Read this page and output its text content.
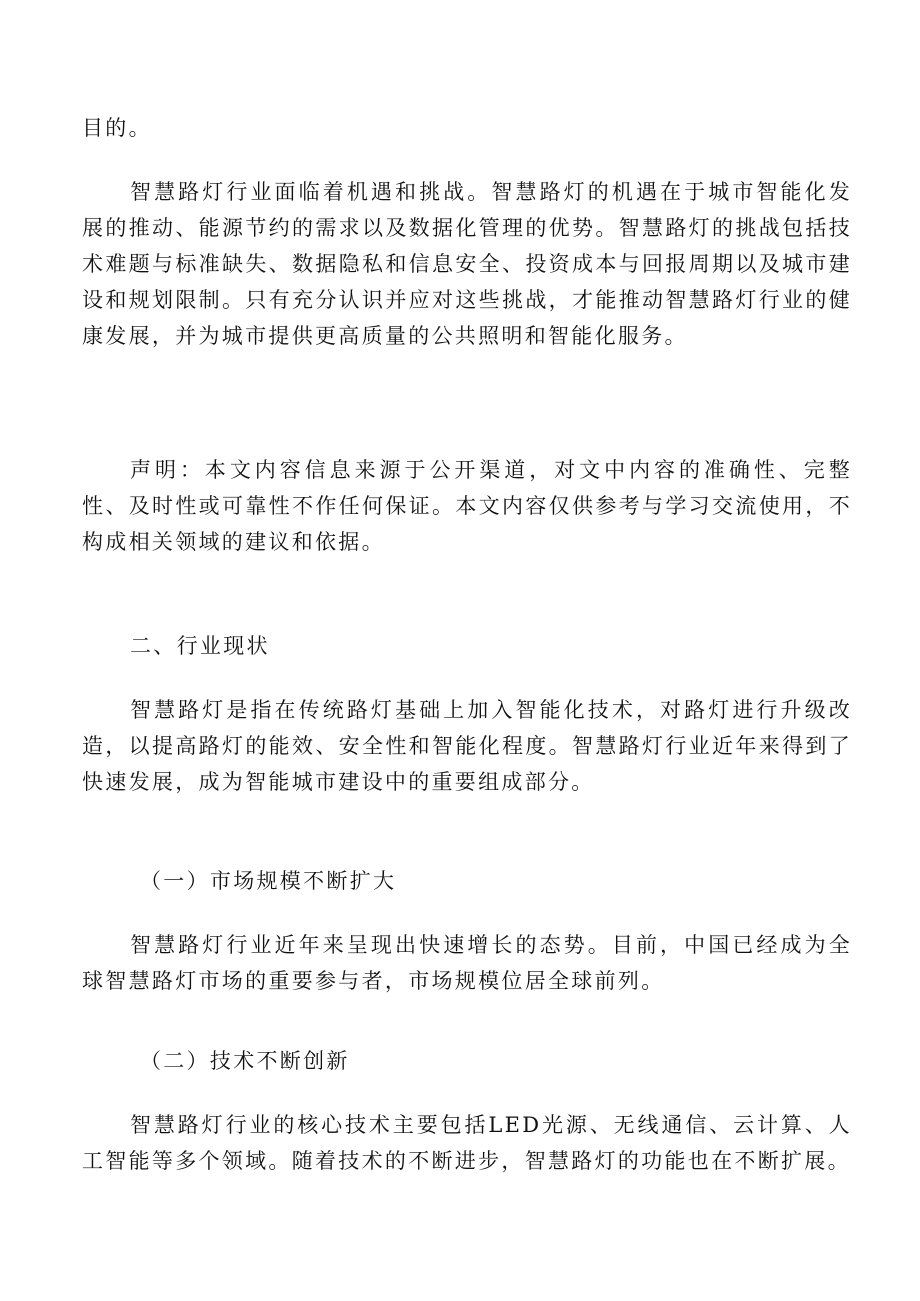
目的。

智慧路灯行业面临着机遇和挑战。智慧路灯的机遇在于城市智能化发展的推动、能源节约的需求以及数据化管理的优势。智慧路灯的挑战包括技术难题与标准缺失、数据隐私和信息安全、投资成本与回报周期以及城市建设和规划限制。只有充分认识并应对这些挑战，才能推动智慧路灯行业的健康发展，并为城市提供更高质量的公共照明和智能化服务。

声明：本文内容信息来源于公开渠道，对文中内容的准确性、完整性、及时性或可靠性不作任何保证。本文内容仅供参考与学习交流使用，不构成相关领域的建议和依据。

二、行业现状

智慧路灯是指在传统路灯基础上加入智能化技术，对路灯进行升级改造，以提高路灯的能效、安全性和智能化程度。智慧路灯行业近年来得到了快速发展，成为智能城市建设中的重要组成部分。

（一）市场规模不断扩大

智慧路灯行业近年来呈现出快速增长的态势。目前，中国已经成为全球智慧路灯市场的重要参与者，市场规模位居全球前列。

（二）技术不断创新

智慧路灯行业的核心技术主要包括LED光源、无线通信、云计算、人工智能等多个领域。随着技术的不断进步，智慧路灯的功能也在不断扩展。
